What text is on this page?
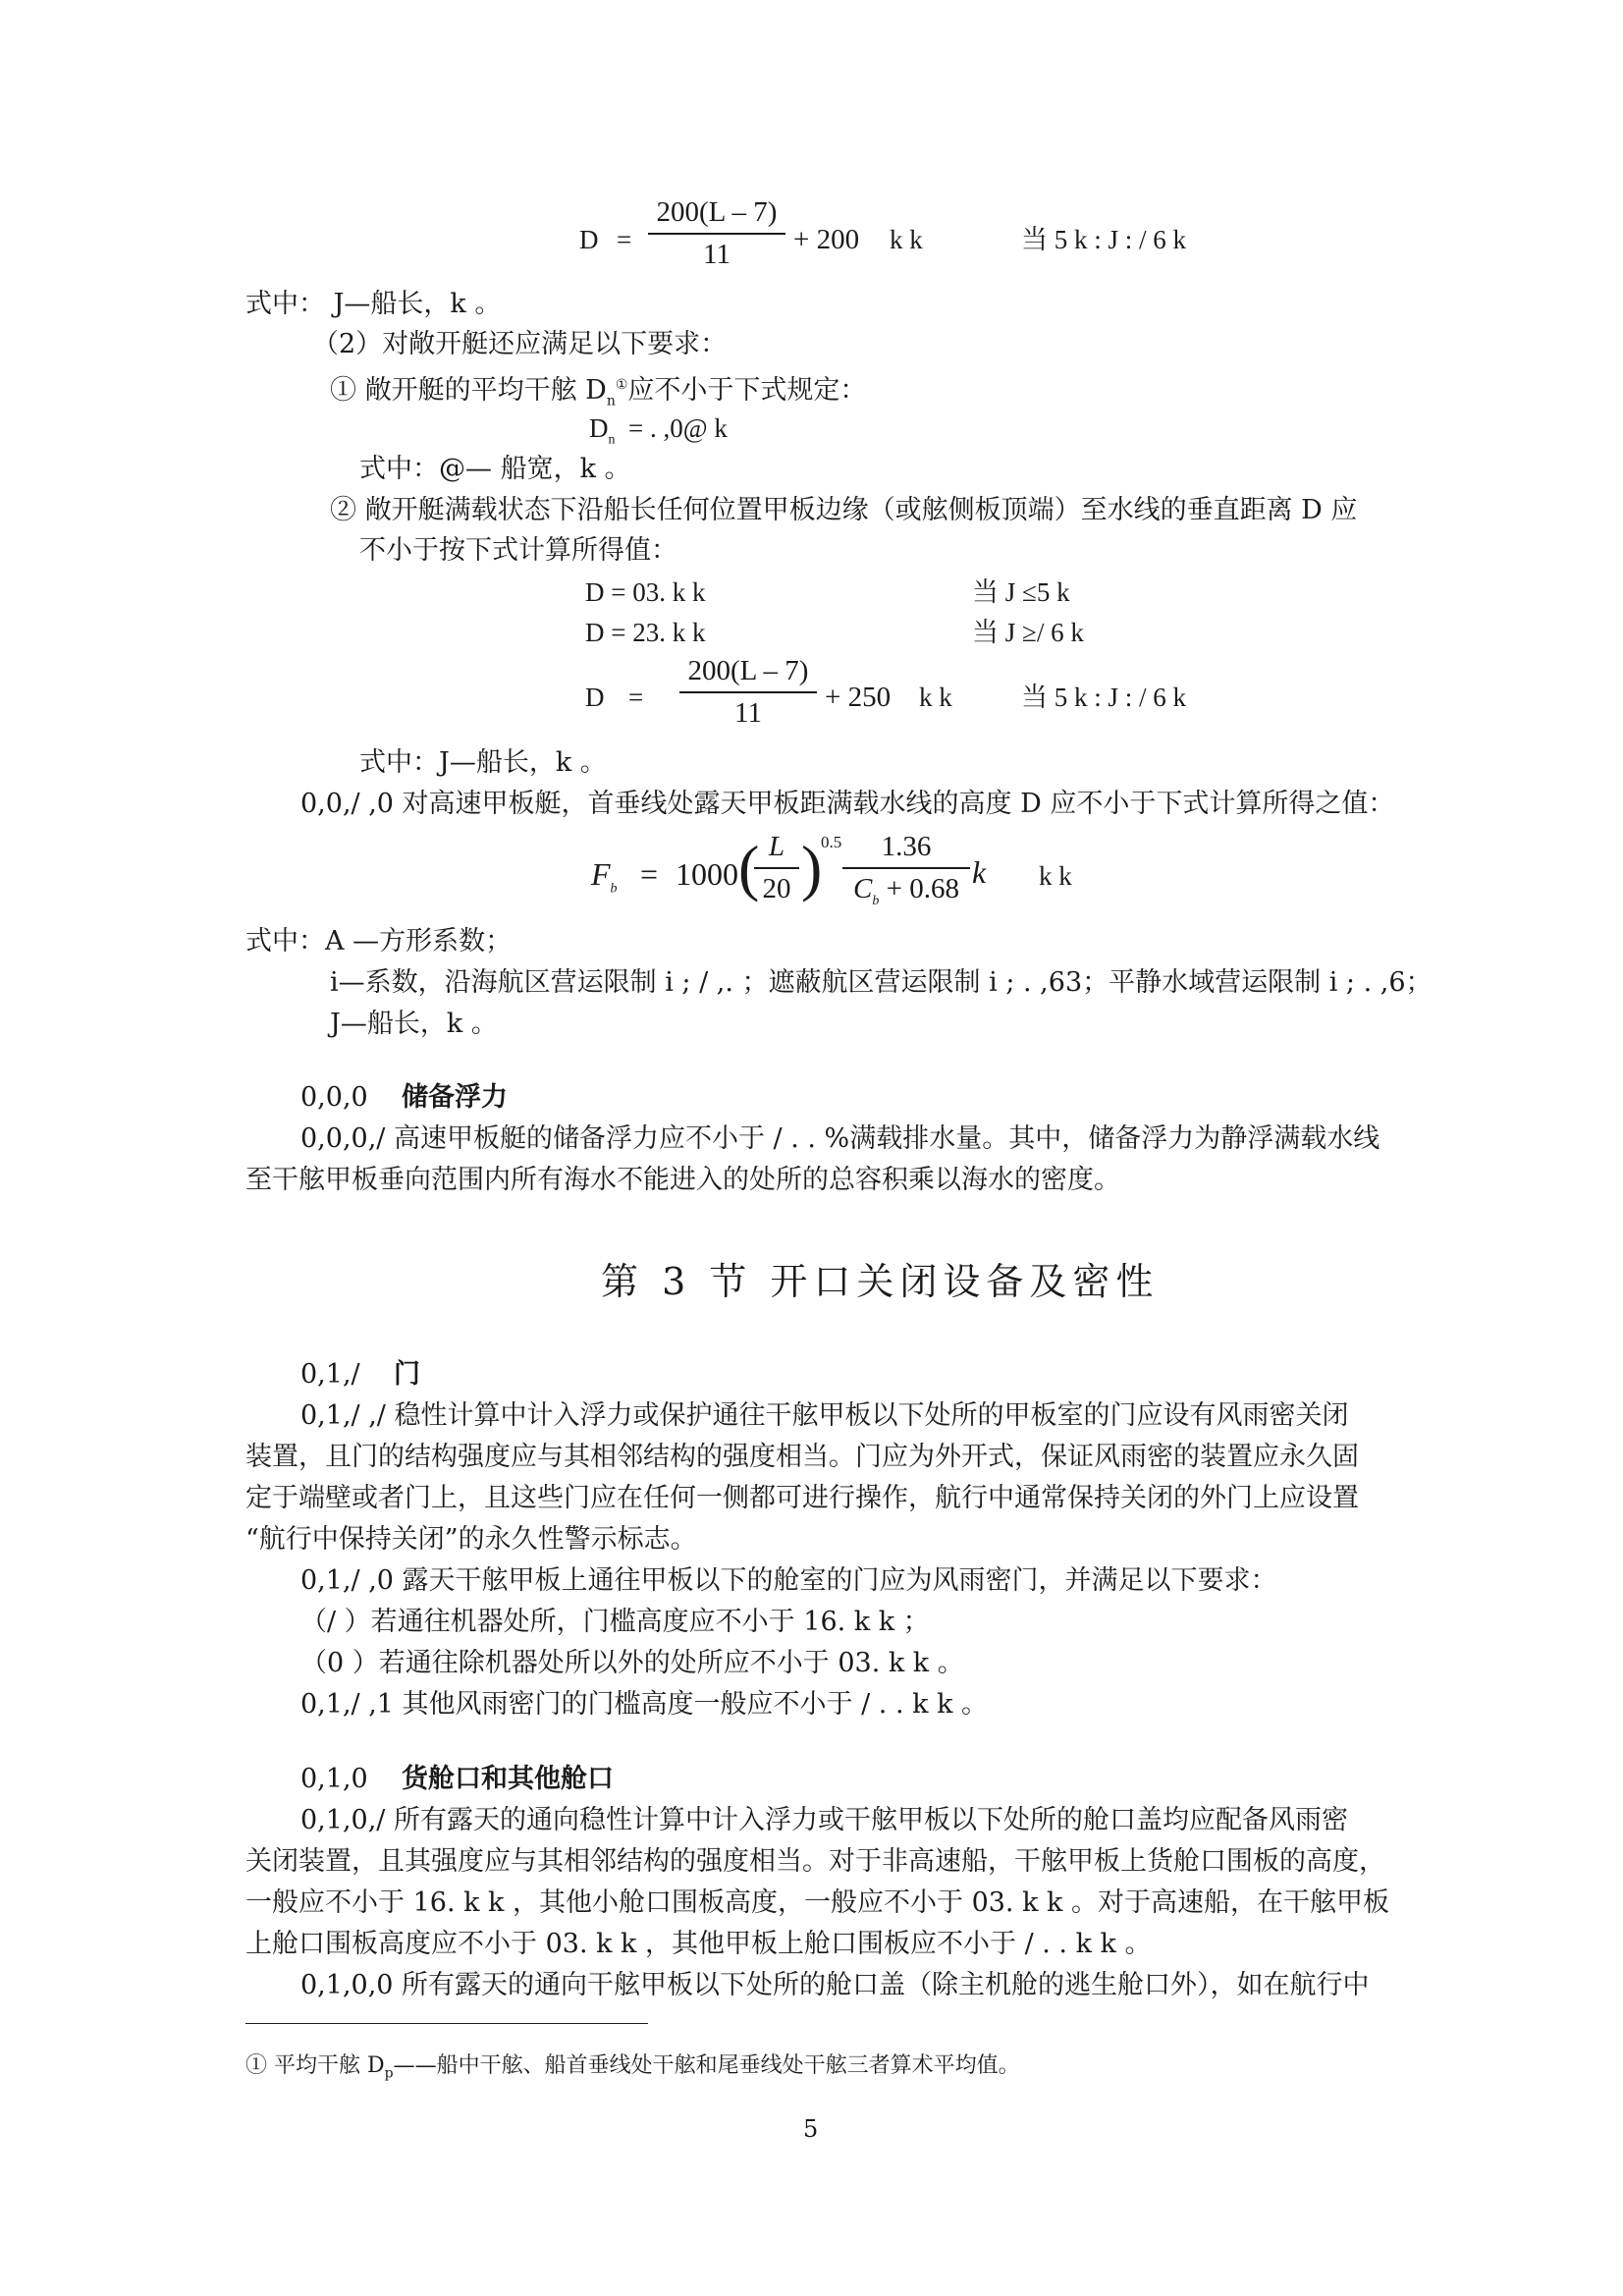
D =
200(L – 7)
11	+ 200 k k	当 5 k : J : / 6 k
式中： J—船长，k 。
（2）对敞开艇还应满足以下要求：
① 敞开艇的平均干舷 $D_n^①$应不小于下式规定：
$D_n$ = . ,0@ k
式中：@— 船宽，k 。
② 敞开艇满载状态下沿船长任何位置甲板边缘（或舷侧板顶端）至水线的垂直距离 D 应
不小于按下式计算所得值：
D = 03. k k	当 J ≤5 k
D = 23. k k	当 J ≥/ 6 k
D =
200(L – 7)
11	+ 250 k k	当 5 k : J : / 6 k
式中：J—船长，k 。
0,0,/ ,0 对高速甲板艇，首垂线处露天甲板距满载水线的高度 D 应不小于下式计算所得之值：
$F_b = 1000$ ( L
20 )
0.5	1.36
$C_b + 0.68$ k k k
式中：A —方形系数；
i—系数，沿海航区营运限制 i ; / ,. ；遮蔽航区营运限制 i ; . ,63；平静水域营运限制 i ; . ,6；
J—船长，k 。
0,0,0 储备浮力
0,0,0,/ 高速甲板艇的储备浮力应不小于 / . . %满载排水量。其中，储备浮力为静浮满载水线
至干舷甲板垂向范围内所有海水不能进入的处所的总容积乘以海水的密度。
第 3 节 开口关闭设备及密性
0,1,/ 门
0,1,/ ,/ 稳性计算中计入浮力或保护通往干舷甲板以下处所的甲板室的门应设有风雨密关闭
装置，且门的结构强度应与其相邻结构的强度相当。门应为外开式，保证风雨密的装置应永久固
定于端壁或者门上，且这些门应在任何一侧都可进行操作，航行中通常保持关闭的外门上应设置
“航行中保持关闭”的永久性警示标志。
0,1,/ ,0 露天干舷甲板上通往甲板以下的舱室的门应为风雨密门，并满足以下要求：
（/ ）若通往机器处所，门槛高度应不小于 16. k k ；
（0 ）若通往除机器处所以外的处所应不小于 03. k k 。
0,1,/ ,1 其他风雨密门的门槛高度一般应不小于 / . . k k 。
0,1,0 货舱口和其他舱口
0,1,0,/ 所有露天的通向稳性计算中计入浮力或干舷甲板以下处所的舱口盖均应配备风雨密
关闭装置，且其强度应与其相邻结构的强度相当。对于非高速船，干舷甲板上货舱口围板的高度，
一般应不小于 16. k k ，其他小舱口围板高度，一般应不小于 03. k k 。对于高速船，在干舷甲板
上舱口围板高度应不小于 03. k k ，其他甲板上舱口围板应不小于 / . . k k 。
0,1,0,0 所有露天的通向干舷甲板以下处所的舱口盖（除主机舱的逃生舱口外），如在航行中
① 平均干舷 $D_p——$船中干舷、船首垂线处干舷和尾垂线处干舷三者算术平均值。
5
